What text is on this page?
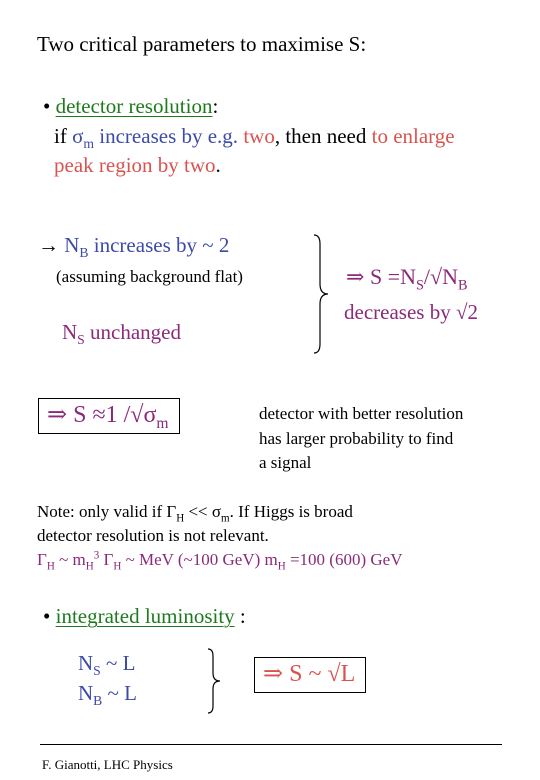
Two critical parameters to maximise S:
• detector resolution:
if $\sigma_m$ increases by e.g. two, then need to enlarge
peak region by two.
→ $N_B$ increases by ~ 2
(assuming background flat)
$N_S$ unchanged
⇒ $S =N_S/√N_B$
decreases by √2
⇒ S ≈1 $/√\sigma_m$
detector with better resolution
has larger probability to find
a signal
Note: only valid if $\Gamma_H << \sigma_m$. If Higgs is broad
detector resolution is not relevant.
$\Gamma_H$ ~ $m_H^3$ $\Gamma_H$ ~ MeV (~100 GeV) $m_H =100$ (600) GeV
• integrated luminosity :
$N_S$ ~ L
$N_B$ ~ L
⇒ S ~ √L
F. Gianotti, LHC Physics
